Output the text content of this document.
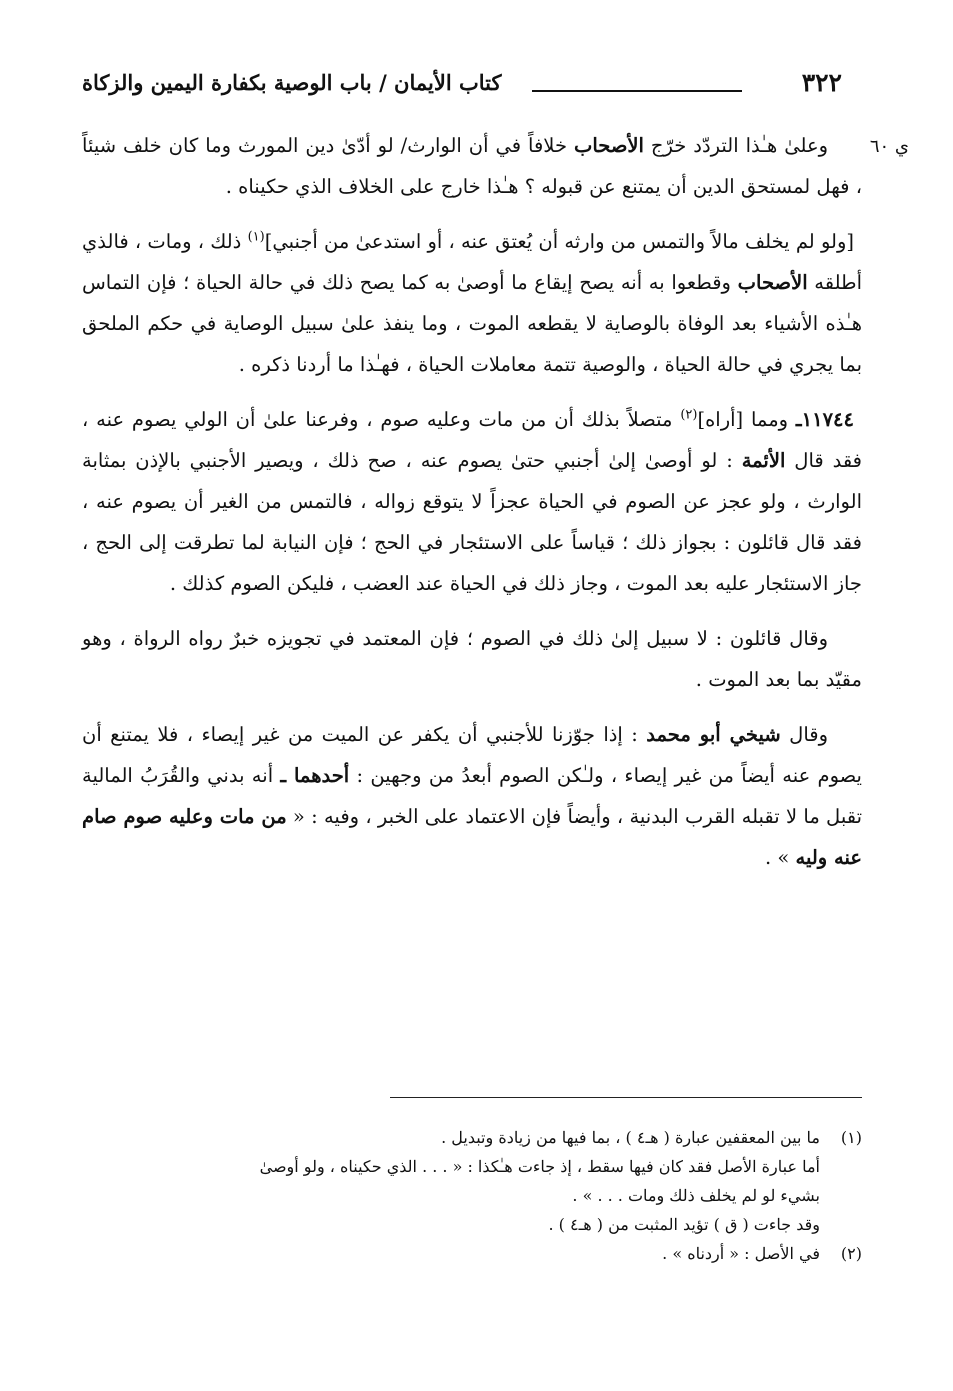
٣٢٢
كتاب الأيمان / باب الوصية بكفارة اليمين والزكاة
ي ٦٠

وعلىٰ هـٰذا التردّد خرّج الأصحاب خلافاً في أن الوارث/ لو أدّىٰ دين المورث وما كان خلف شيئاً ، فهل لمستحق الدين أن يمتنع عن قبوله ؟ هـٰذا خارج على الخلاف الذي حكيناه .

[ولو لم يخلف مالاً والتمس من وارثه أن يُعتق عنه ، أو استدعىٰ من أجنبي]$^{(١)}$ ذلك ، ومات ، فالذي أطلقه الأصحاب وقطعوا به أنه يصح إيقاع ما أوصىٰ به كما يصح ذلك في حالة الحياة ؛ فإن التماس هـٰذه الأشياء بعد الوفاة بالوصاية لا يقطعه الموت ، وما ينفذ علىٰ سبيل الوصاية في حكم الملحق بما يجري في حالة الحياة ، والوصية تتمة معاملات الحياة ، فهـٰذا ما أردنا ذكره .

١١٧٤٤ـ ومما [أراه]$^{(٢)}$ متصلاً بذلك أن من مات وعليه صوم ، وفرعنا علىٰ أن الولي يصوم عنه ، فقد قال الأئمة : لو أوصىٰ إلىٰ أجنبي حتىٰ يصوم عنه ، صح ذلك ، ويصير الأجنبي بالإذن بمثابة الوارث ، ولو عجز عن الصوم في الحياة عجزاً لا يتوقع زواله ، فالتمس من الغير أن يصوم عنه ، فقد قال قائلون : بجواز ذلك ؛ قياساً على الاستئجار في الحج ؛ فإن النيابة لما تطرقت إلى الحج ، جاز الاستئجار عليه بعد الموت ، وجاز ذلك في الحياة عند العضب ، فليكن الصوم كذلك .

وقال قائلون : لا سبيل إلىٰ ذلك في الصوم ؛ فإن المعتمد في تجويزه خبرٌ رواه الرواة ، وهو مقيّد بما بعد الموت .

وقال شيخي أبو محمد : إذا جوّزنا للأجنبي أن يكفر عن الميت من غير إيصاء ، فلا يمتنع أن يصوم عنه أيضاً من غير إيصاء ، ولـٰكن الصوم أبعدُ من وجهين : أحدهما ـ أنه بدني والقُرَبُ المالية تقبل ما لا تقبله القرب البدنية ، وأيضاً فإن الاعتماد على الخبر ، وفيه : « من مات وعليه صوم صام عنه وليه » .

(١)
ما بين المعقفين عبارة ( هـ٤ ) ، بما فيها من زيادة وتبديل .
أما عبارة الأصل فقد كان فيها سقط ، إذ جاءت هـٰكذا : « . . . الذي حكيناه ، ولو أوصىٰ
بشيء لو لم يخلف ذلك ومات . . . » .
وقد جاءت ( ق ) تؤيد المثبت من ( هـ٤ ) .
(٢)
في الأصل : « أردناه » .
